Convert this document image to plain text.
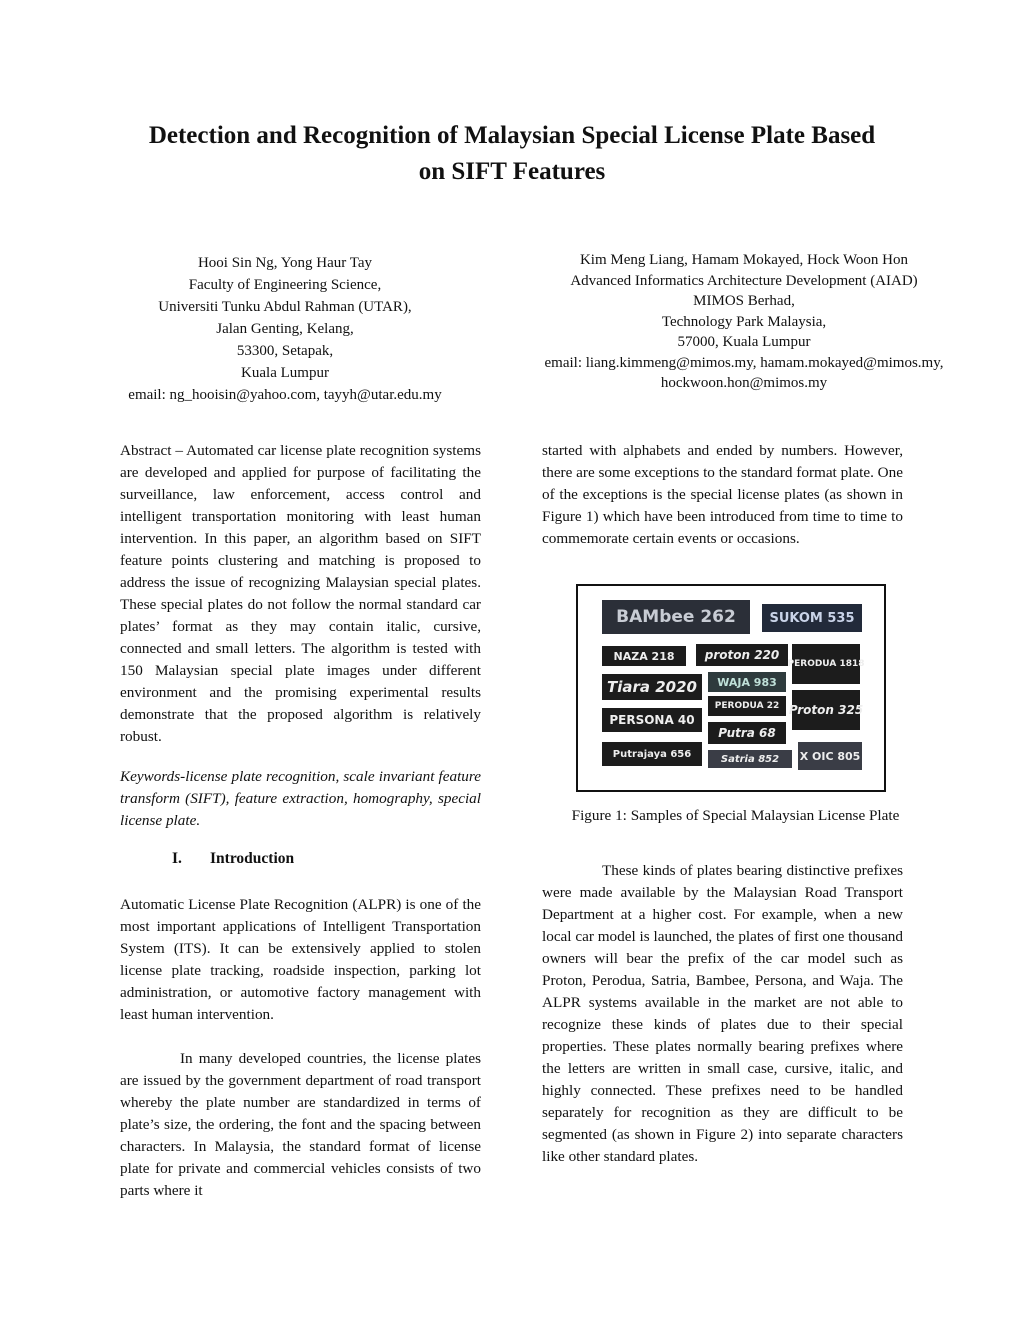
Detection and Recognition of Malaysian Special License Plate Based
on SIFT Features
Hooi Sin Ng, Yong Haur Tay
Faculty of Engineering Science,
Universiti Tunku Abdul Rahman (UTAR),
Jalan Genting, Kelang,
53300, Setapak,
Kuala Lumpur
email: ng_hooisin@yahoo.com, tayyh@utar.edu.my
Kim Meng Liang, Hamam Mokayed, Hock Woon Hon
Advanced Informatics Architecture Development (AIAD)
MIMOS Berhad,
Technology Park Malaysia,
57000, Kuala Lumpur
email: liang.kimmeng@mimos.my, hamam.mokayed@mimos.my,
hockwoon.hon@mimos.my

Abstract – Automated car license plate recognition systems are developed and applied for purpose of facilitating the surveillance, law enforcement, access control and intelligent transportation monitoring with least human intervention. In this paper, an algorithm based on SIFT feature points clustering and matching is proposed to address the issue of recognizing Malaysian special plates. These special plates do not follow the normal standard car plates’ format as they may contain italic, cursive, connected and small letters. The algorithm is tested with 150 Malaysian special plate images under different environment and the promising experimental results demonstrate that the proposed algorithm is relatively robust.

Keywords-license plate recognition, scale invariant feature transform (SIFT), feature extraction, homography, special license plate.

I. Introduction

Automatic License Plate Recognition (ALPR) is one of the most important applications of Intelligent Transportation System (ITS). It can be extensively applied to stolen license plate tracking, roadside inspection, parking lot administration, or automotive factory management with least human intervention.

In many developed countries, the license plates are issued by the government department of road transport whereby the plate number are standardized in terms of plate’s size, the ordering, the font and the spacing between characters. In Malaysia, the standard format of license plate for private and commercial vehicles consists of two parts where it

started with alphabets and ended by numbers. However, there are some exceptions to the standard format plate. One of the exceptions is the special license plates (as shown in Figure 1) which have been introduced from time to time to commemorate certain events or occasions.

BAMbee 262	SUKOM 535
NAZA 218	proton 220
PERODUA 1818
Tiara 2020	WAJA 983
PERSONA 40
PERODUA 22 Proton 325
Putra 68
Putrajaya 656	Satria 852	X OIC 805
Figure 1: Samples of Special Malaysian License Plate

These kinds of plates bearing distinctive prefixes were made available by the Malaysian Road Transport Department at a higher cost. For example, when a new local car model is launched, the plates of first one thousand owners will bear the prefix of the car model such as Proton, Perodua, Satria, Bambee, Persona, and Waja. The ALPR systems available in the market are not able to recognize these kinds of plates due to their special properties. These plates normally bearing prefixes where the letters are written in small case, cursive, italic, and highly connected. These prefixes need to be handled separately for recognition as they are difficult to be segmented (as shown in Figure 2) into separate characters like other standard plates.
